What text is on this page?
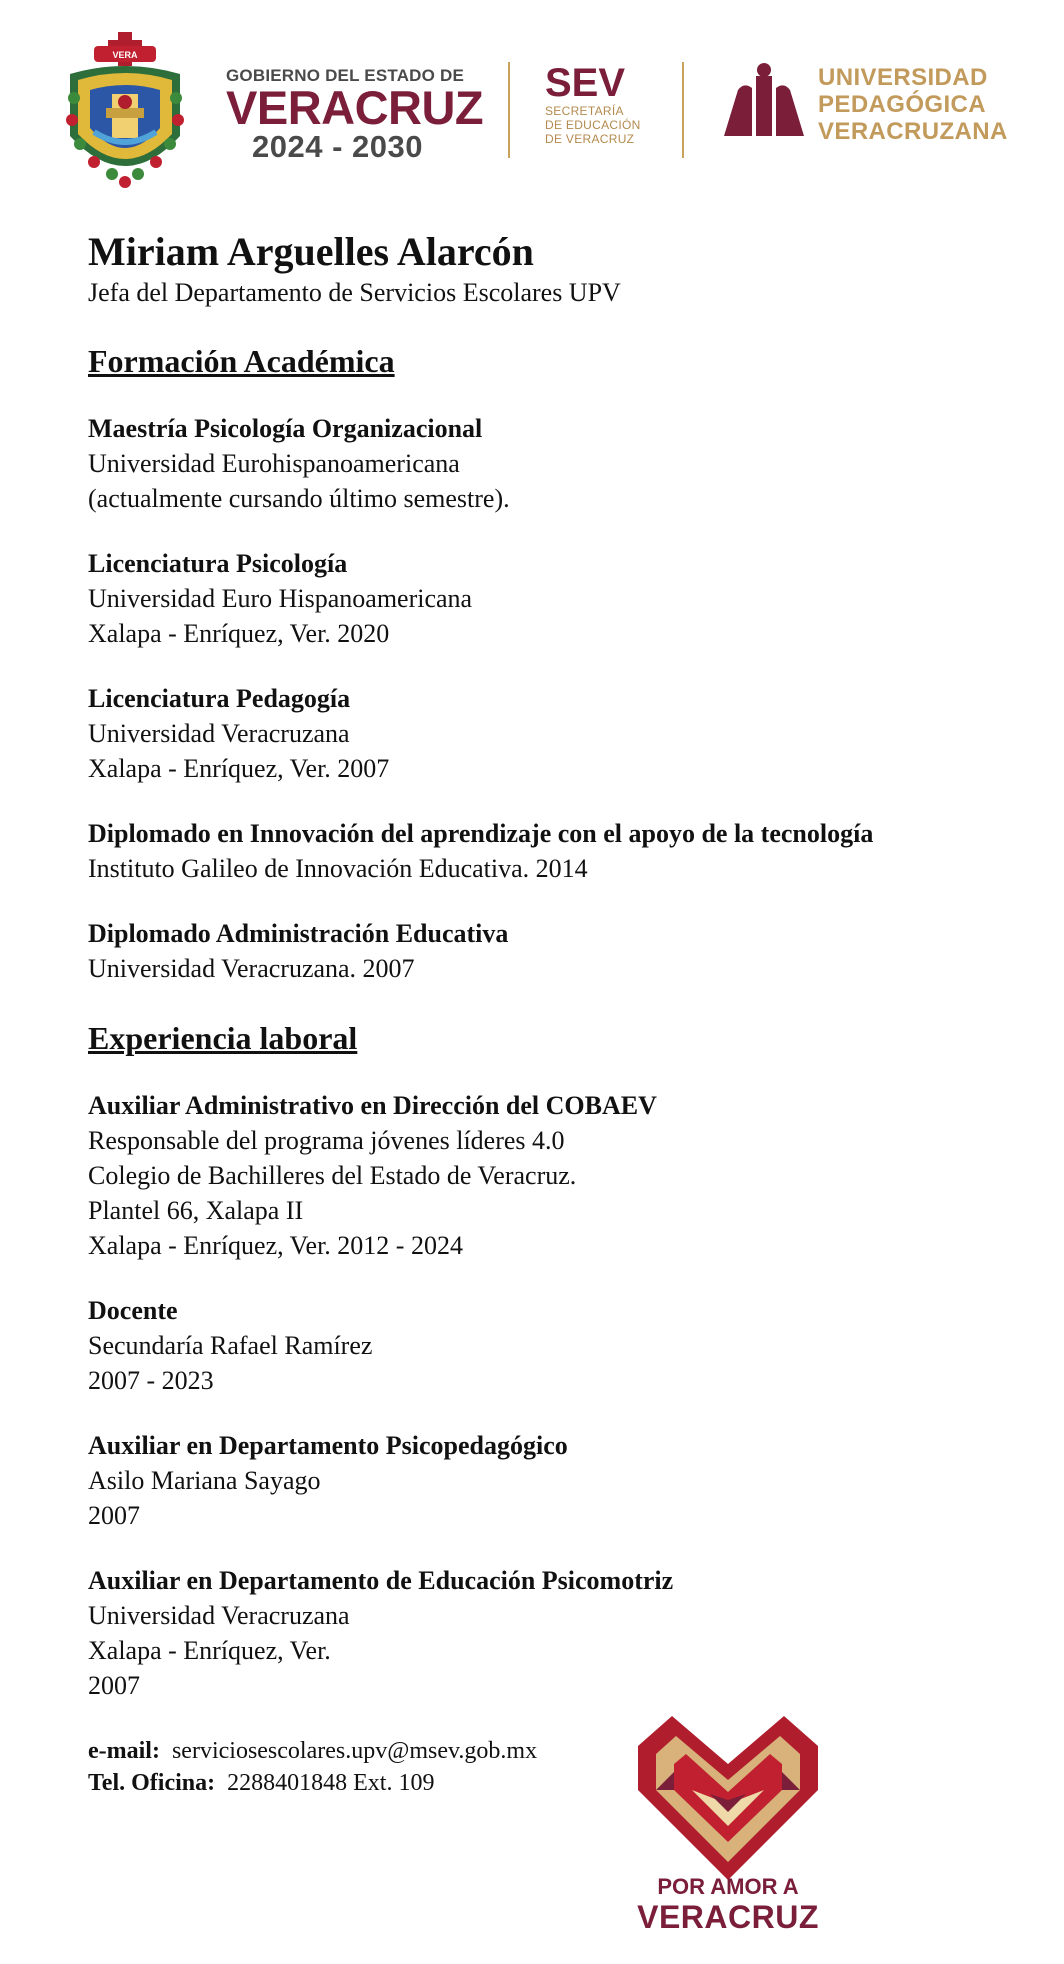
VERA
GOBIERNO DEL ESTADO DE
VERACRUZ
2024 - 2030
SEV
SECRETARÍA
DE EDUCACIÓN
DE VERACRUZ
UNIVERSIDAD
PEDAGÓGICA
VERACRUZANA
Miriam Arguelles Alarcón

Jefa del Departamento de Servicios Escolares UPV

Formación Académica
Maestría Psicología Organizacional
Universidad Eurohispanoamericana
(actualmente cursando último semestre).
Licenciatura Psicología
Universidad Euro Hispanoamericana
Xalapa - Enríquez, Ver. 2020
Licenciatura Pedagogía
Universidad Veracruzana
Xalapa - Enríquez, Ver. 2007
Diplomado en Innovación del aprendizaje con el apoyo de la tecnología
Instituto Galileo de Innovación Educativa. 2014
Diplomado Administración Educativa
Universidad Veracruzana. 2007
Experiencia laboral
Auxiliar Administrativo en Dirección del COBAEV
Responsable del programa jóvenes líderes 4.0
Colegio de Bachilleres del Estado de Veracruz.
Plantel 66, Xalapa II
Xalapa - Enríquez, Ver. 2012 - 2024
Docente
Secundaría Rafael Ramírez
2007 - 2023
Auxiliar en Departamento Psicopedagógico
Asilo Mariana Sayago
2007
Auxiliar en Departamento de Educación Psicomotriz
Universidad Veracruzana
Xalapa - Enríquez, Ver.
2007
e-mail: serviciosescolares.upv@msev.gob.mx
Tel. Oficina: 2288401848 Ext. 109
POR AMOR A
VERACRUZ
